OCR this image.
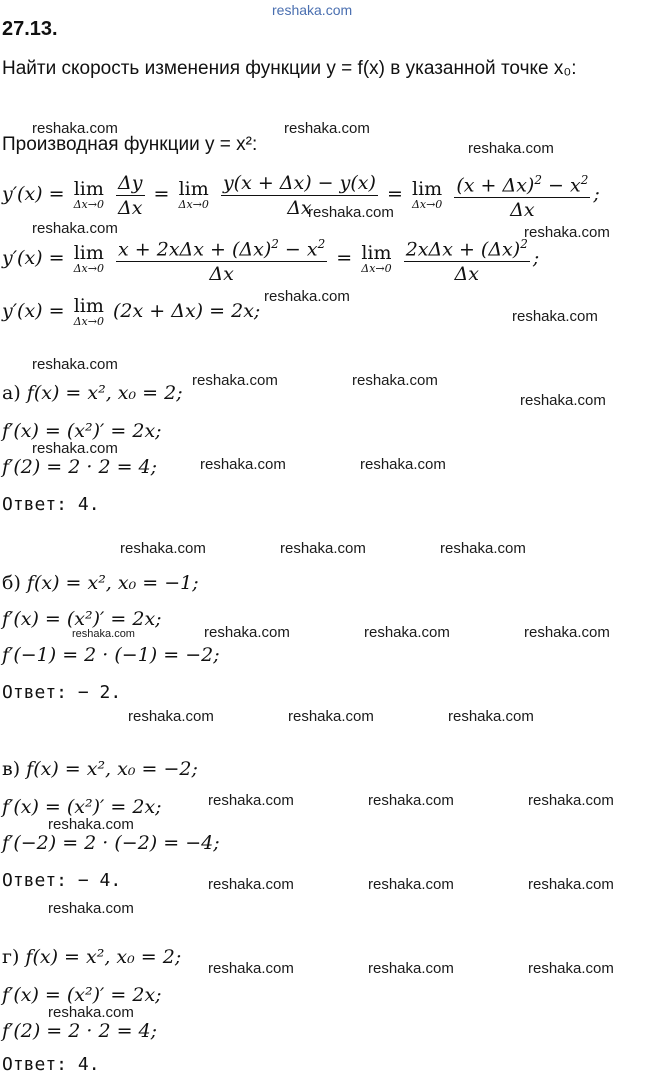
reshaka.com
27.13.
Найти скорость изменения функции y = f(x) в указанной точке x₀:
Производная функции y = x²:
y′(x) = lim
Δx→0
$\frac{\Delta y}{\Delta x} = \lim$
Δx→0
$\frac{y(x + \Delta x) - y(x)}{\Delta x} = \lim$
Δx→0
$\frac{(x + \Delta x)^2 - x^2}{\Delta x}$ ;
y′(x) = lim
Δx→0
$\frac{x + 2x\Delta x + (\Delta x)^2 - x^2}{\Delta x} = \lim$
Δx→0
$\frac{2x\Delta x + (\Delta x)^2}{\Delta x}$ ;
y′(x) = lim
Δx→0 (2x + Δx) = 2x;
а) f(x) = x², x₀ = 2;
f′(x) = (x²)′ = 2x;
f′(2) = 2 · 2 = 4;
Ответ: 4.
б) f(x) = x², x₀ = −1;
f′(x) = (x²)′ = 2x;
f′(−1) = 2 · (−1) = −2;
Ответ: − 2.
в) f(x) = x², x₀ = −2;
f′(x) = (x²)′ = 2x;
f′(−2) = 2 · (−2) = −4;
Ответ: − 4.
г) f(x) = x², x₀ = 2;
f′(x) = (x²)′ = 2x;
f′(2) = 2 · 2 = 4;
Ответ: 4.
reshaka.com	reshaka.com
reshaka.com
reshaka.com
reshaka.com	reshaka.com
reshaka.com
reshaka.com
reshaka.com
reshaka.com	reshaka.com
reshaka.com
reshaka.com
reshaka.com	reshaka.com
reshaka.com	reshaka.com	reshaka.com
reshaka.com	reshaka.com	reshaka.com	reshaka.com
reshaka.com	reshaka.com	reshaka.com
reshaka.com	reshaka.com	reshaka.com
reshaka.com
reshaka.com	reshaka.com	reshaka.com
reshaka.com
reshaka.com	reshaka.com	reshaka.com
reshaka.com
